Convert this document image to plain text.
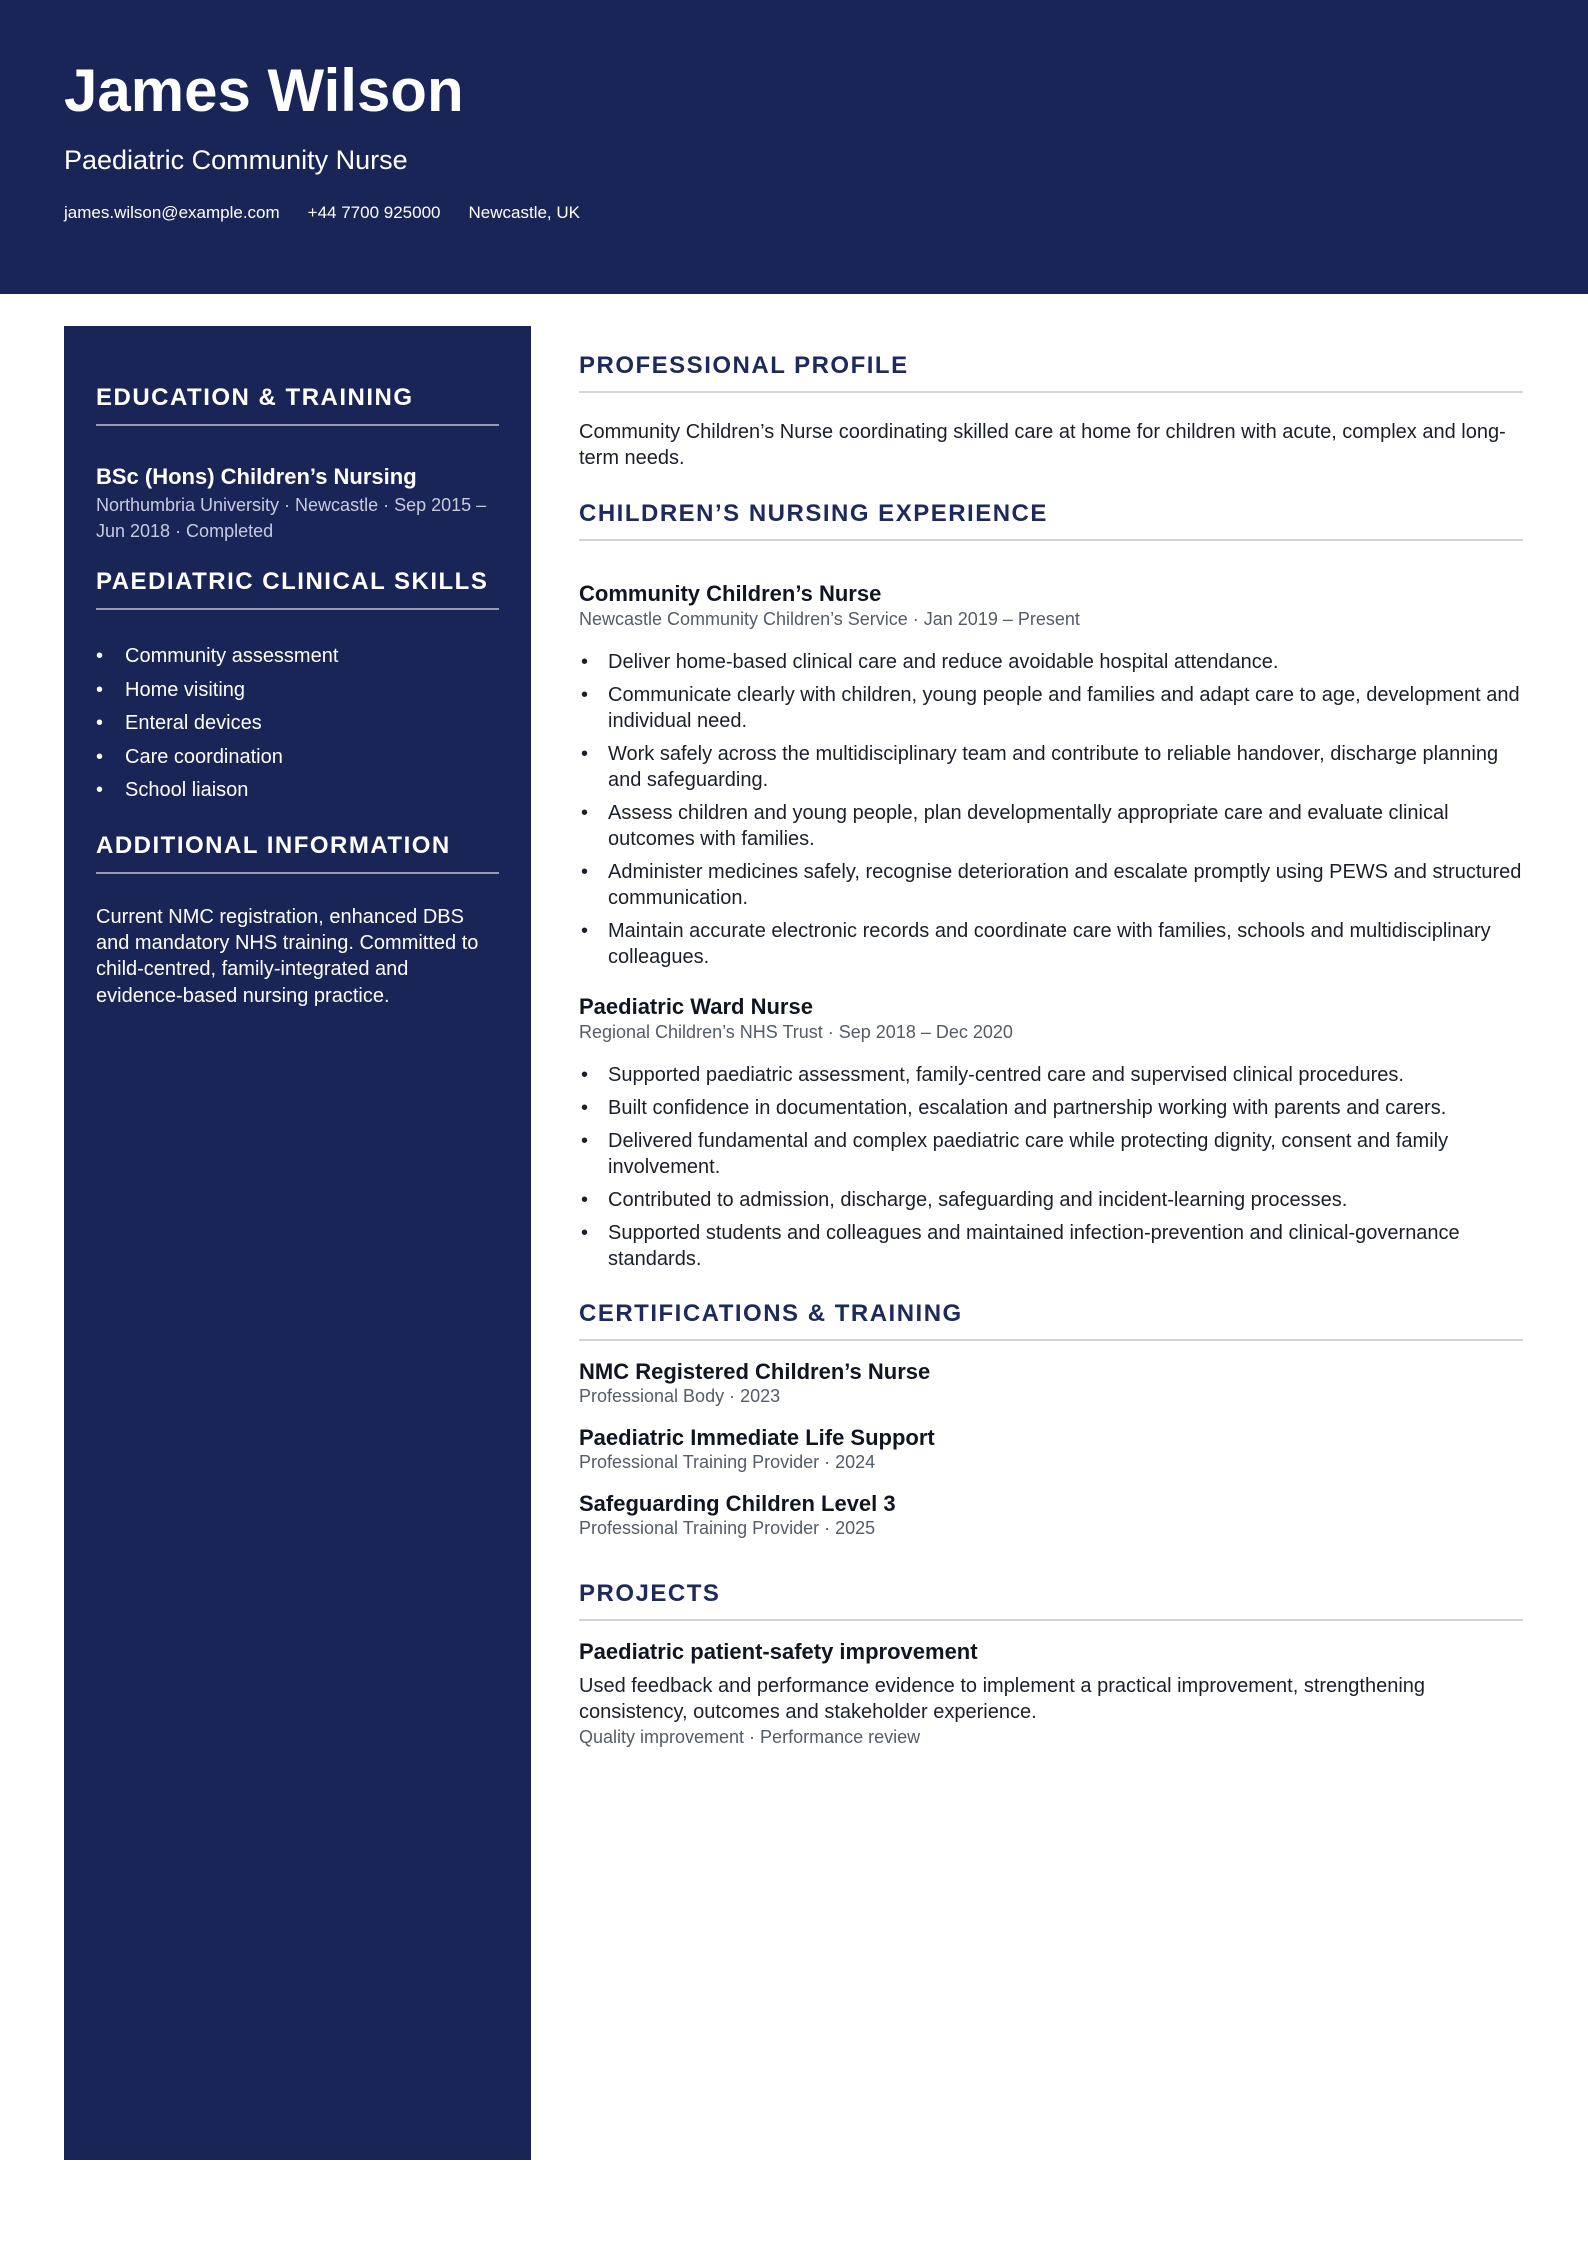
James Wilson
Paediatric Community Nurse
james.wilson@example.com +44 7700 925000 Newcastle, UK
EDUCATION & TRAINING
BSc (Hons) Children’s Nursing
Northumbria University · Newcastle · Sep 2015 – Jun 2018 · Completed
PAEDIATRIC CLINICAL SKILLS
• Community assessment
• Home visiting
• Enteral devices
• Care coordination
• School liaison
ADDITIONAL INFORMATION
Current NMC registration, enhanced DBS and mandatory NHS training. Committed to child-centred, family-integrated and evidence-based nursing practice.
PROFESSIONAL PROFILE
Community Children’s Nurse coordinating skilled care at home for children with acute, complex and long-term needs.
CHILDREN’S NURSING EXPERIENCE
Community Children’s Nurse
Newcastle Community Children’s Service · Jan 2019 – Present
• Deliver home-based clinical care and reduce avoidable hospital attendance.
• Communicate clearly with children, young people and families and adapt care to age, development and individual need.
• Work safely across the multidisciplinary team and contribute to reliable handover, discharge planning and safeguarding.
• Assess children and young people, plan developmentally appropriate care and evaluate clinical outcomes with families.
• Administer medicines safely, recognise deterioration and escalate promptly using PEWS and structured communication.
• Maintain accurate electronic records and coordinate care with families, schools and multidisciplinary colleagues.
Paediatric Ward Nurse
Regional Children’s NHS Trust · Sep 2018 – Dec 2020
• Supported paediatric assessment, family-centred care and supervised clinical procedures.
• Built confidence in documentation, escalation and partnership working with parents and carers.
• Delivered fundamental and complex paediatric care while protecting dignity, consent and family involvement.
• Contributed to admission, discharge, safeguarding and incident-learning processes.
• Supported students and colleagues and maintained infection-prevention and clinical-governance standards.
CERTIFICATIONS & TRAINING
NMC Registered Children’s Nurse
Professional Body · 2023
Paediatric Immediate Life Support
Professional Training Provider · 2024
Safeguarding Children Level 3
Professional Training Provider · 2025
PROJECTS
Paediatric patient-safety improvement
Used feedback and performance evidence to implement a practical improvement, strengthening consistency, outcomes and stakeholder experience.
Quality improvement · Performance review
